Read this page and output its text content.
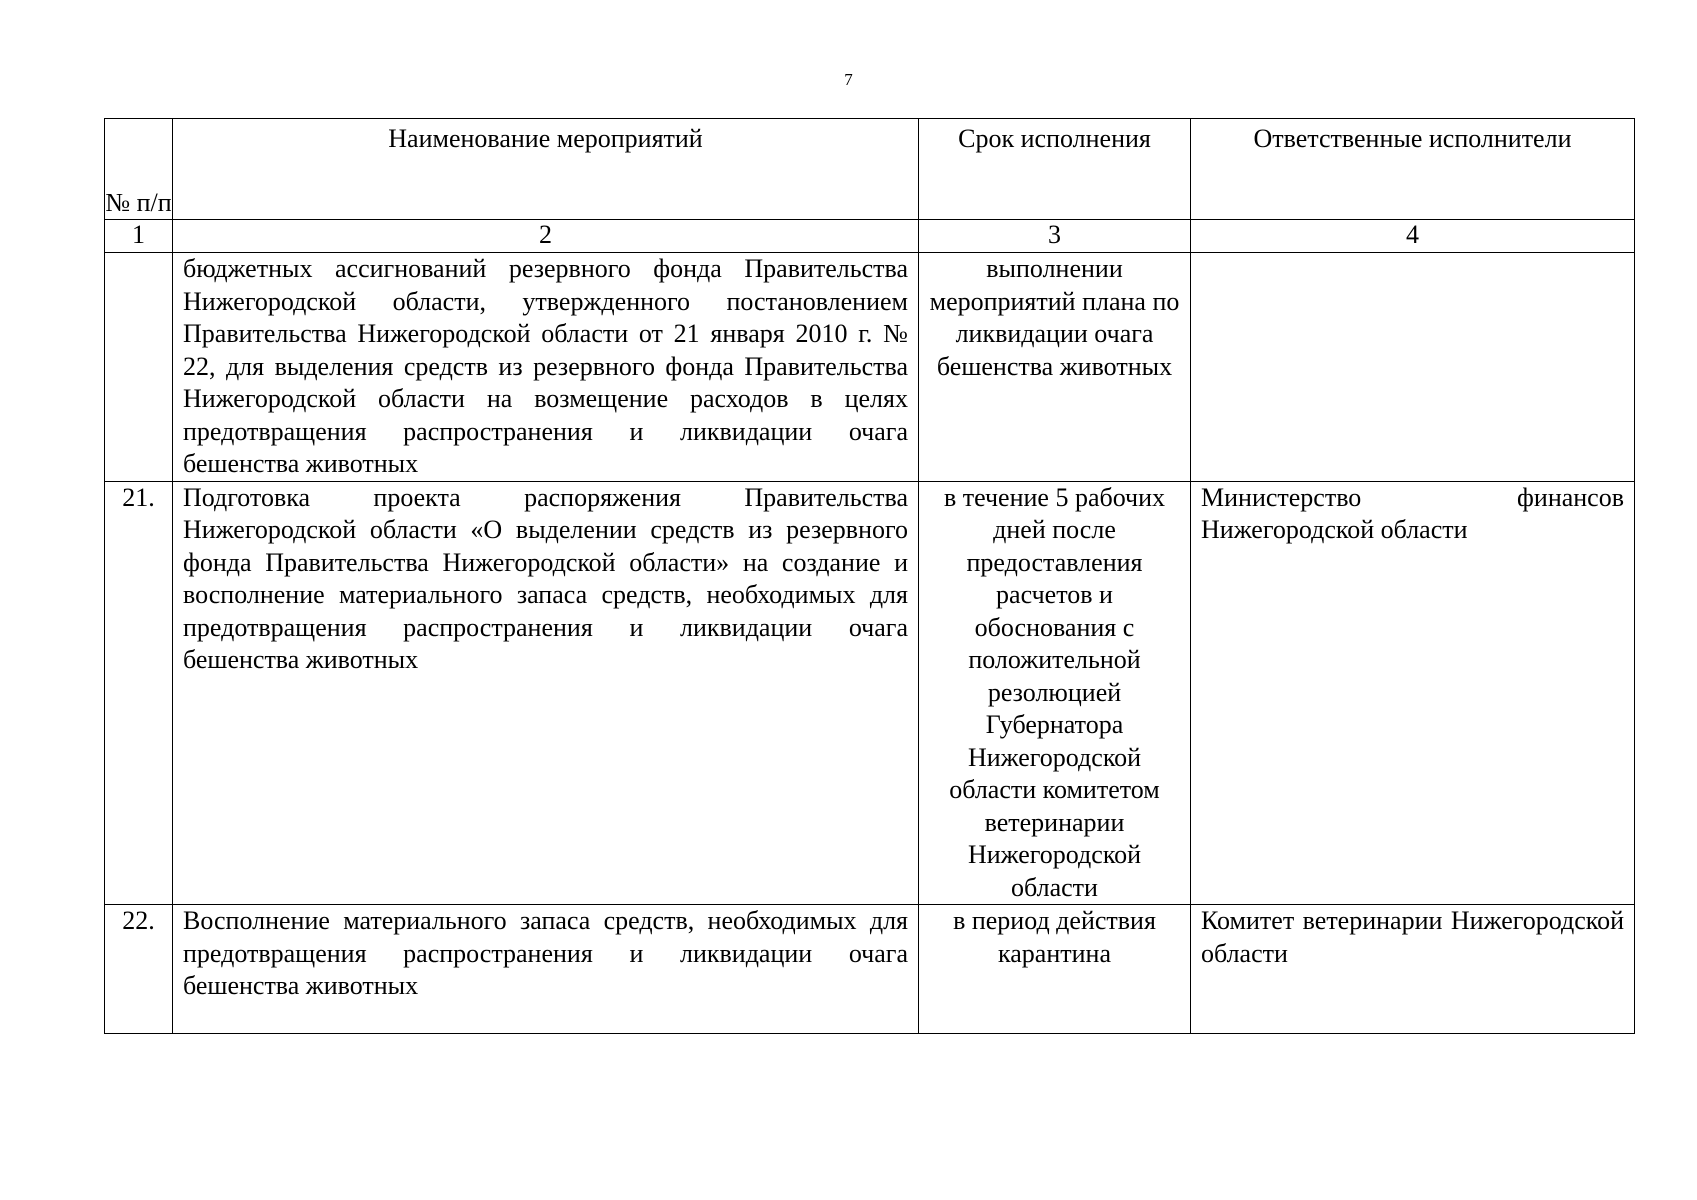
7
№ п/п	Наименование мероприятий	Срок исполнения	Ответственные исполнители
1	2	3	4
	бюджетных ассигнований резервного фонда Правительства Нижегородской области, утвержденного постановлением Правительства Нижегородской области от 21 января 2010 г. № 22, для выделения средств из резервного фонда Правительства Нижегородской области на возмещение расходов в целях предотвращения распространения и ликвидации очага бешенства животных	выполнении мероприятий плана по ликвидации очага бешенства животных	
21.	Подготовка проекта распоряжения Правительства Нижегородской области «О выделении средств из резервного фонда Правительства Нижегородской области» на создание и восполнение материального запаса средств, необходимых для предотвращения распространения и ликвидации очага бешенства животных	в течение 5 рабочих дней после предоставления расчетов и обоснования с положительной резолюцией Губернатора Нижегородской области комитетом ветеринарии Нижегородской области	Министерство финансов Нижегородской области
22.	Восполнение материального запаса средств, необходимых для предотвращения распространения и ликвидации очага бешенства животных	в период действия карантина	Комитет ветеринарии Нижегородской области
